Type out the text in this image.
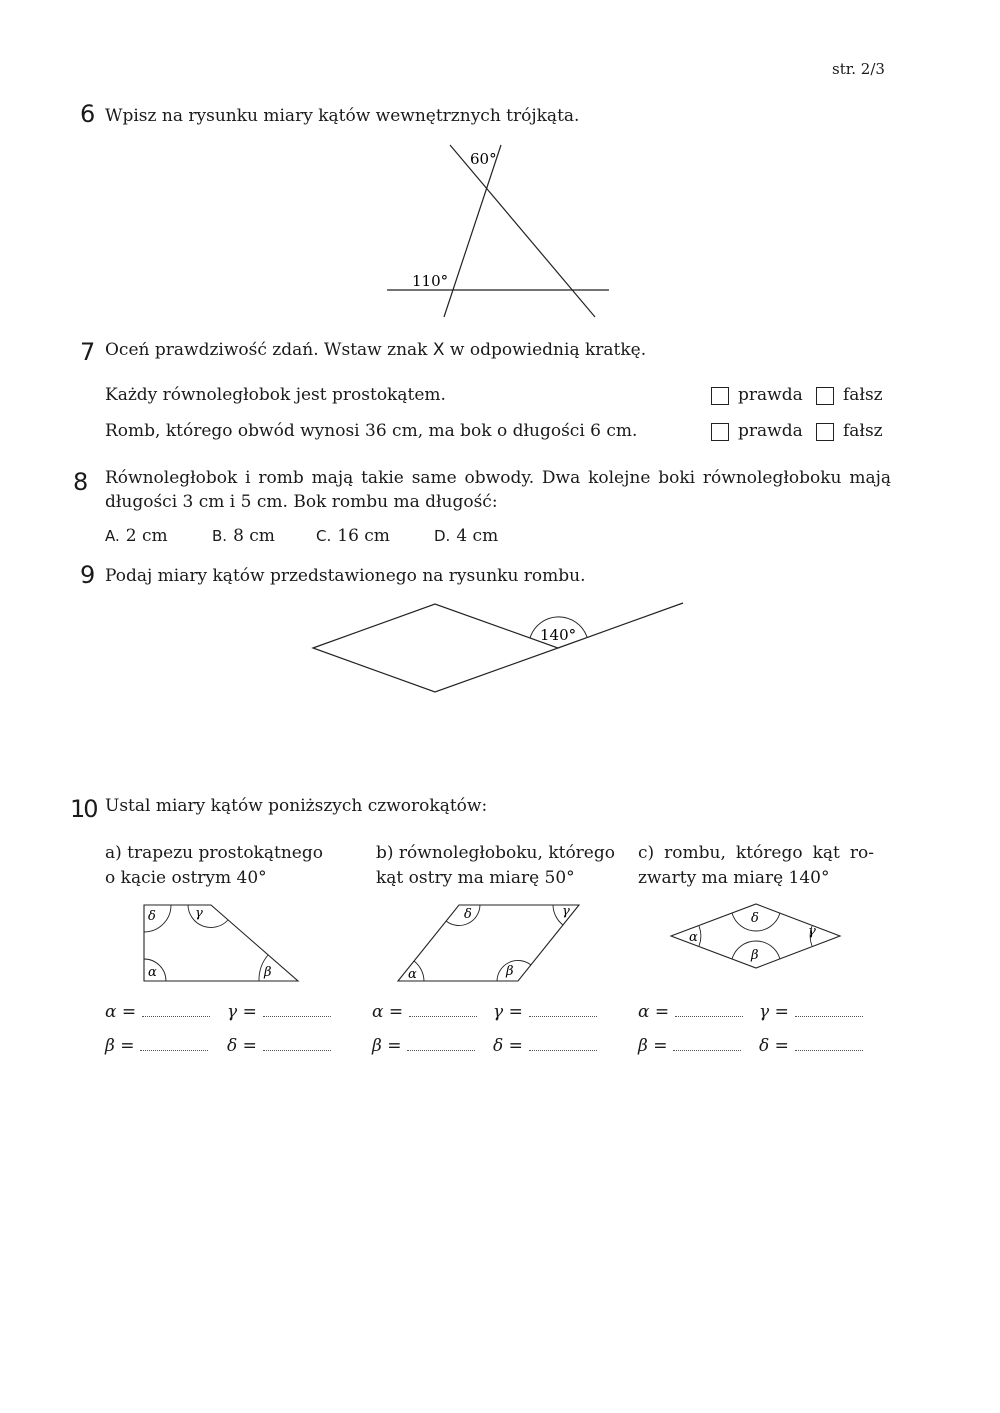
str. 2/3
6 Wpisz na rysunku miary kątów wewnętrznych trójkąta.
60°
110°
7 Oceń prawdziwość zdań. Wstaw znak X w odpowiednią kratkę.
Każdy równoległobok jest prostokątem.	prawda fałsz
Romb, którego obwód wynosi 36 cm, ma bok o długości 6 cm.	prawda fałsz
8 Równoległobok i romb mają takie same obwody. Dwa kolejne boki równoległoboku mają
długości 3 cm i 5 cm. Bok rombu ma długość:
A. 2 cm	B. 8 cm	C. 16 cm	D. 4 cm
9 Podaj miary kątów przedstawionego na rysunku rombu.
140°
10 Ustal miary kątów poniższych czworokątów:
a) trapezu prostokątnego
o kącie ostrym 40°
b) równoległoboku, którego
kąt ostry ma miarę 50°
c) rombu, którego kąt ro-
zwarty ma miarę 140°
δ	γ
α	β	α
δ	γ
β
δ
β
α	γ
α =	γ =
β =	δ =
α =	γ =
β =	δ =
α =	γ =
β =	δ =
